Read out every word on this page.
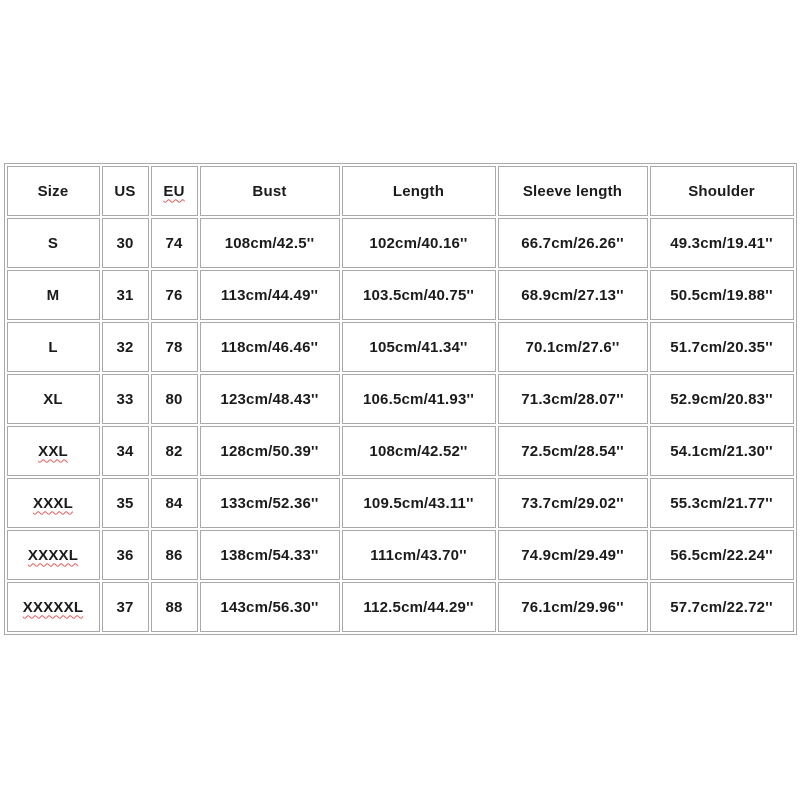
Size	US	EU	Bust	Length	Sleeve length	Shoulder
S	30	74	108cm/42.5''	102cm/40.16''	66.7cm/26.26''	49.3cm/19.41''
M	31	76	113cm/44.49''	103.5cm/40.75''	68.9cm/27.13''	50.5cm/19.88''
L	32	78	118cm/46.46''	105cm/41.34''	70.1cm/27.6''	51.7cm/20.35''
XL	33	80	123cm/48.43''	106.5cm/41.93''	71.3cm/28.07''	52.9cm/20.83''
XXL	34	82	128cm/50.39''	108cm/42.52''	72.5cm/28.54''	54.1cm/21.30''
XXXL	35	84	133cm/52.36''	109.5cm/43.11''	73.7cm/29.02''	55.3cm/21.77''
XXXXL	36	86	138cm/54.33''	111cm/43.70''	74.9cm/29.49''	56.5cm/22.24''
XXXXXL	37	88	143cm/56.30''	112.5cm/44.29''	76.1cm/29.96''	57.7cm/22.72''
